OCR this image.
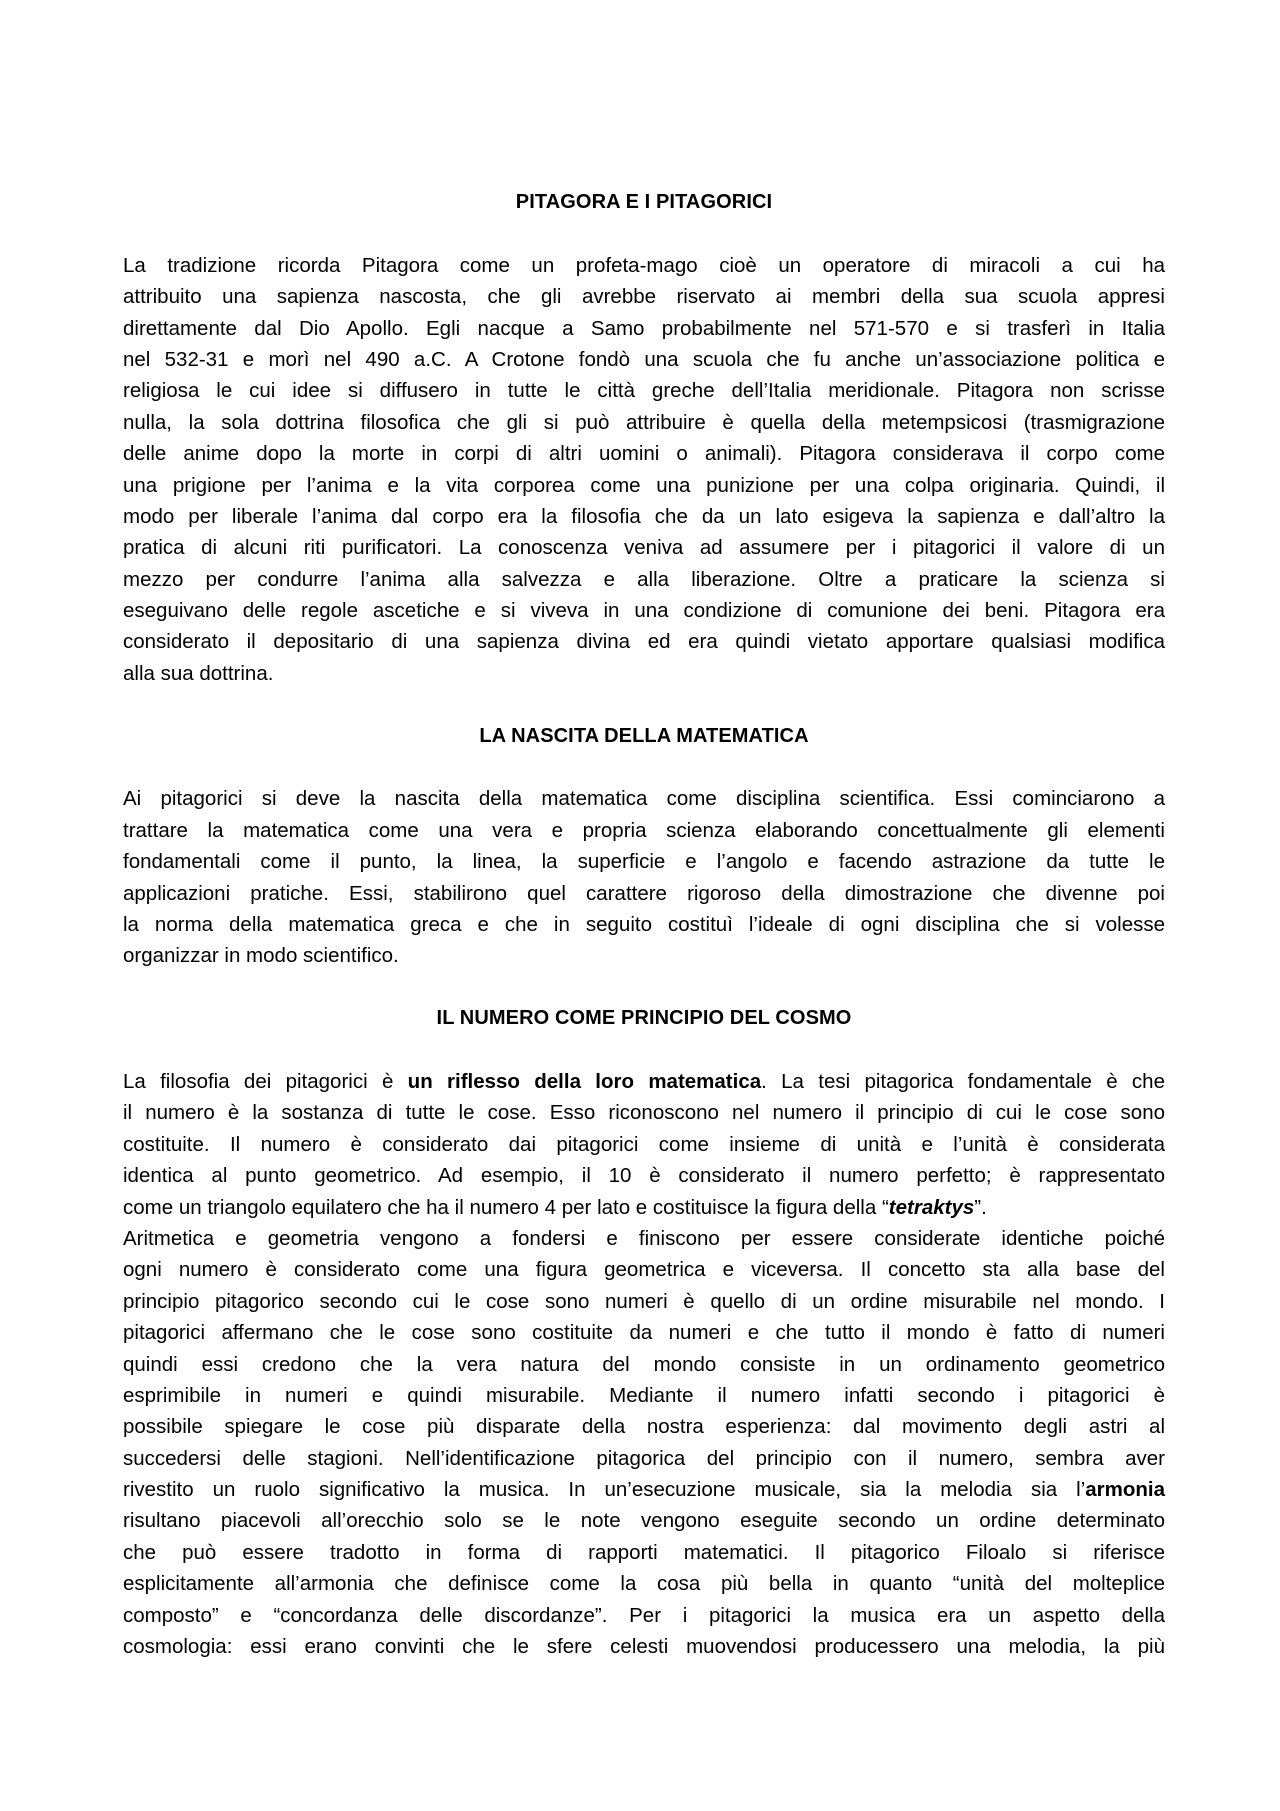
PITAGORA E I PITAGORICI

La tradizione ricorda Pitagora come un profeta-mago cioè un operatore di miracoli a cui ha
attribuito una sapienza nascosta, che gli avrebbe riservato ai membri della sua scuola appresi
direttamente dal Dio Apollo. Egli nacque a Samo probabilmente nel 571-570 e si trasferì in Italia
nel 532-31 e morì nel 490 a.C. A Crotone fondò una scuola che fu anche un’associazione politica e
religiosa le cui idee si diffusero in tutte le città greche dell’Italia meridionale. Pitagora non scrisse
nulla, la sola dottrina filosofica che gli si può attribuire è quella della metempsicosi (trasmigrazione
delle anime dopo la morte in corpi di altri uomini o animali). Pitagora considerava il corpo come
una prigione per l’anima e la vita corporea come una punizione per una colpa originaria. Quindi, il
modo per liberale l’anima dal corpo era la filosofia che da un lato esigeva la sapienza e dall’altro la
pratica di alcuni riti purificatori. La conoscenza veniva ad assumere per i pitagorici il valore di un
mezzo per condurre l’anima alla salvezza e alla liberazione. Oltre a praticare la scienza si
eseguivano delle regole ascetiche e si viveva in una condizione di comunione dei beni. Pitagora era
considerato il depositario di una sapienza divina ed era quindi vietato apportare qualsiasi modifica
alla sua dottrina.

LA NASCITA DELLA MATEMATICA

Ai pitagorici si deve la nascita della matematica come disciplina scientifica. Essi cominciarono a
trattare la matematica come una vera e propria scienza elaborando concettualmente gli elementi
fondamentali come il punto, la linea, la superficie e l’angolo e facendo astrazione da tutte le
applicazioni pratiche. Essi, stabilirono quel carattere rigoroso della dimostrazione che divenne poi
la norma della matematica greca e che in seguito costituì l’ideale di ogni disciplina che si volesse
organizzar in modo scientifico.

IL NUMERO COME PRINCIPIO DEL COSMO

La filosofia dei pitagorici è un riflesso della loro matematica. La tesi pitagorica fondamentale è che
il numero è la sostanza di tutte le cose. Esso riconoscono nel numero il principio di cui le cose sono
costituite. Il numero è considerato dai pitagorici come insieme di unità e l’unità è considerata
identica al punto geometrico. Ad esempio, il 10 è considerato il numero perfetto; è rappresentato
come un triangolo equilatero che ha il numero 4 per lato e costituisce la figura della “tetraktys”.
Aritmetica e geometria vengono a fondersi e finiscono per essere considerate identiche poiché
ogni numero è considerato come una figura geometrica e viceversa. Il concetto sta alla base del
principio pitagorico secondo cui le cose sono numeri è quello di un ordine misurabile nel mondo. I
pitagorici affermano che le cose sono costituite da numeri e che tutto il mondo è fatto di numeri
quindi essi credono che la vera natura del mondo consiste in un ordinamento geometrico
esprimibile in numeri e quindi misurabile. Mediante il numero infatti secondo i pitagorici è
possibile spiegare le cose più disparate della nostra esperienza: dal movimento degli astri al
succedersi delle stagioni. Nell’identificazione pitagorica del principio con il numero, sembra aver
rivestito un ruolo significativo la musica. In un’esecuzione musicale, sia la melodia sia l’armonia
risultano piacevoli all’orecchio solo se le note vengono eseguite secondo un ordine determinato
che può essere tradotto in forma di rapporti matematici. Il pitagorico Filoalo si riferisce
esplicitamente all’armonia che definisce come la cosa più bella in quanto “unità del molteplice
composto” e “concordanza delle discordanze”. Per i pitagorici la musica era un aspetto della
cosmologia: essi erano convinti che le sfere celesti muovendosi producessero una melodia, la più
